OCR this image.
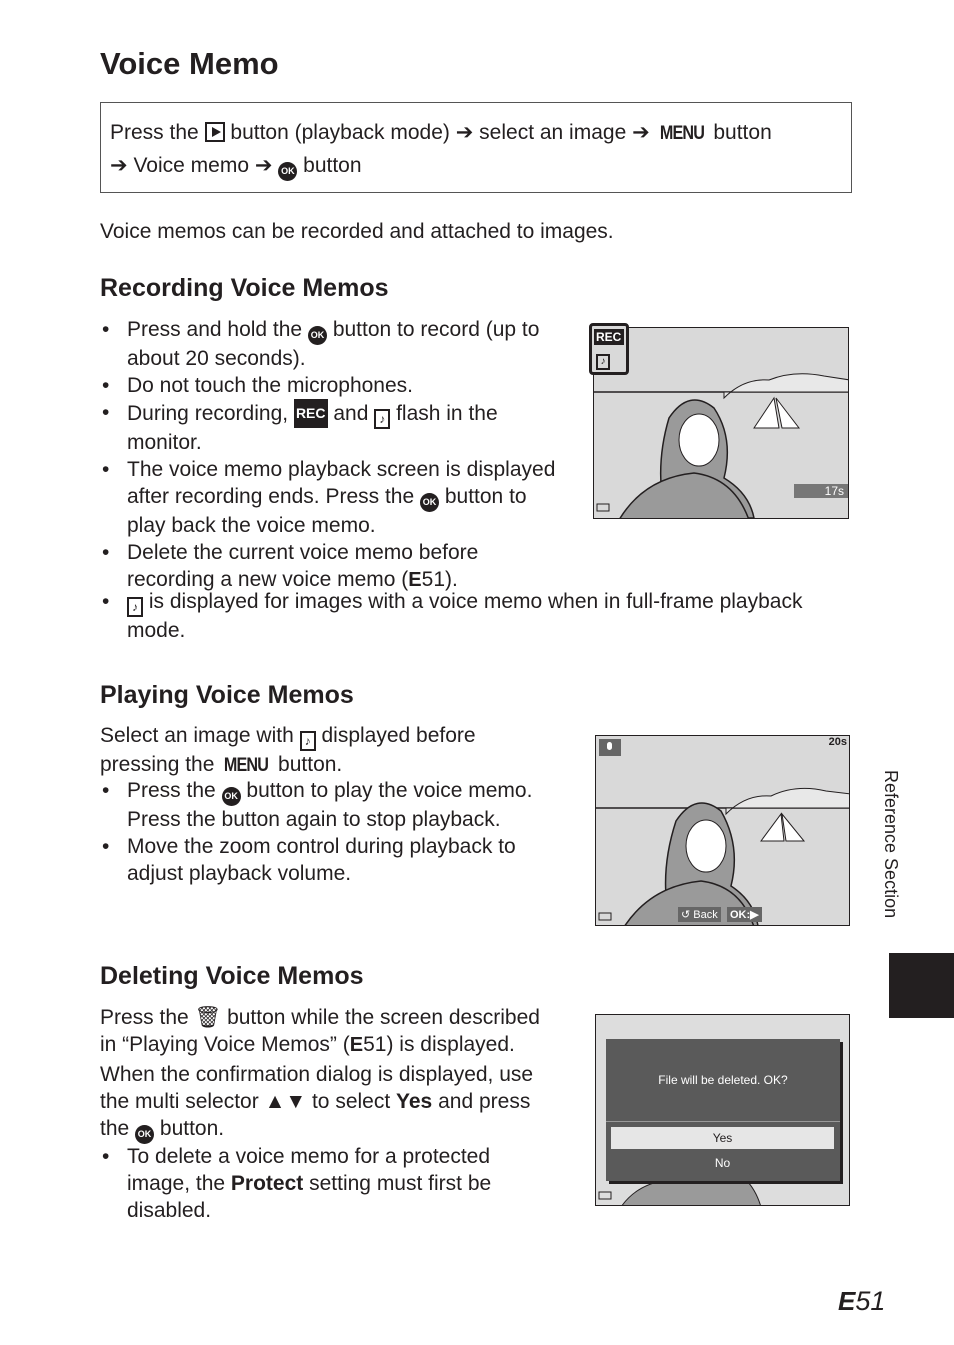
Voice Memo
Press the button (playback mode) ➔ select an image ➔ MENU button
➔ Voice memo ➔ OK button
Voice memos can be recorded and attached to images.
Recording Voice Memos
• Press and hold the OK button to record (up to about 20 seconds).
• Do not touch the microphones.
• During recording, REC and ♪ flash in the monitor.
• The voice memo playback screen is displayed after recording ends. Press the OK button to play back the voice memo.
• Delete the current voice memo before recording a new voice memo (E51).
• ♪ is displayed for images with a voice memo when in full-frame playback mode.
17s
REC
♪
Playing Voice Memos
Select an image with ♪ displayed before pressing the MENU button.
• Press the OK button to play the voice memo. Press the button again to stop playback.
• Move the zoom control during playback to adjust playback volume.
20s
↺ Back OK:▶
Deleting Voice Memos
Press the 🗑 button while the screen described in “Playing Voice Memos” (E51) is displayed.
When the confirmation dialog is displayed, use the multi selector ▲▼ to select Yes and press the OK button.
• To delete a voice memo for a protected image, the Protect setting must first be disabled.
File will be deleted. OK?
Yes
No
Reference Section
E51
